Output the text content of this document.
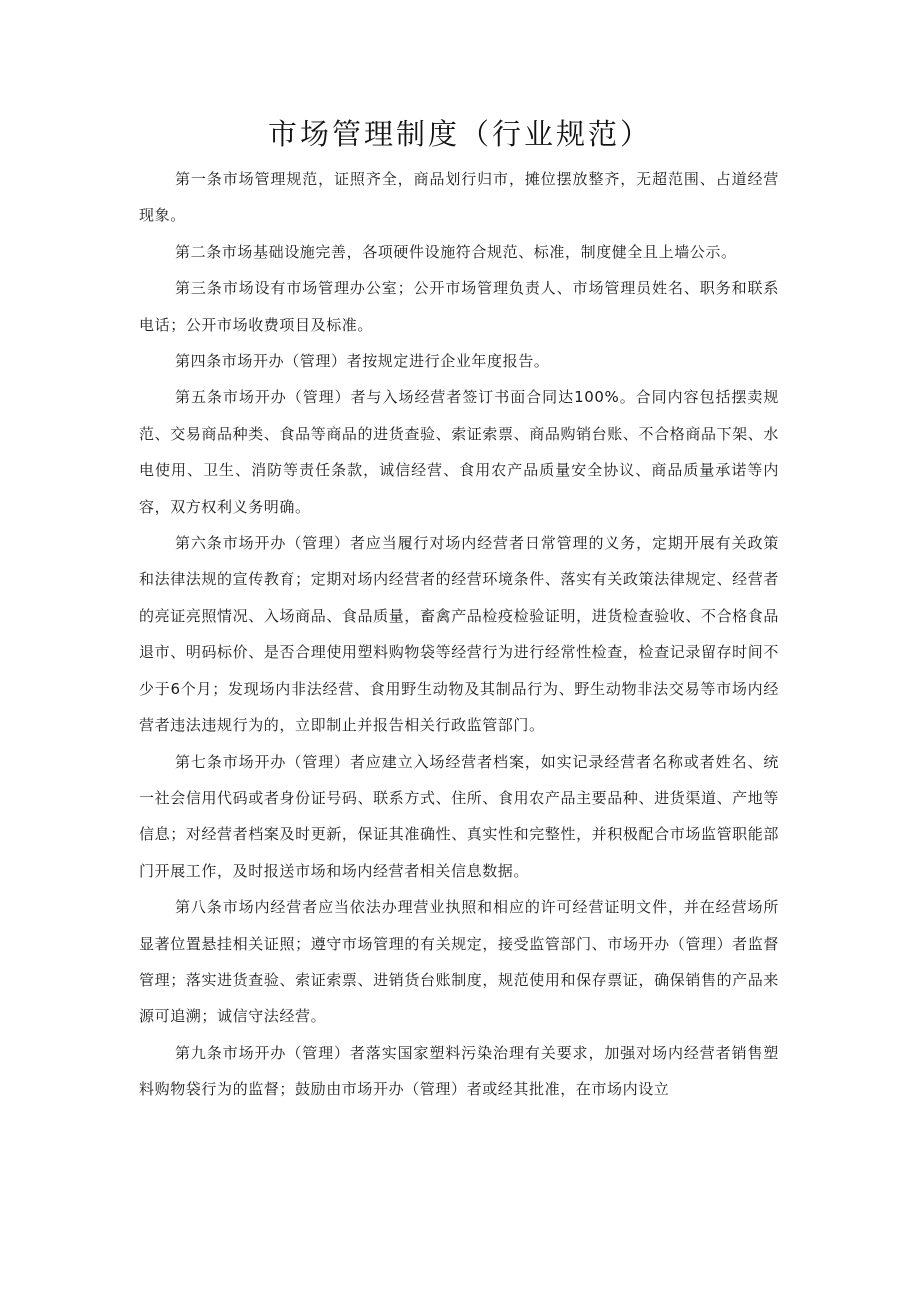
市场管理制度（行业规范）

第一条市场管理规范，证照齐全，商品划行归市，摊位摆放整齐，无超范围、占道经营现象。

第二条市场基础设施完善，各项硬件设施符合规范、标准，制度健全且上墙公示。

第三条市场设有市场管理办公室；公开市场管理负责人、市场管理员姓名、职务和联系电话；公开市场收费项目及标准。

第四条市场开办（管理）者按规定进行企业年度报告。

第五条市场开办（管理）者与入场经营者签订书面合同达100%。合同内容包括摆卖规范、交易商品种类、食品等商品的进货查验、索证索票、商品购销台账、不合格商品下架、水电使用、卫生、消防等责任条款，诚信经营、食用农产品质量安全协议、商品质量承诺等内容，双方权利义务明确。

第六条市场开办（管理）者应当履行对场内经营者日常管理的义务，定期开展有关政策和法律法规的宣传教育；定期对场内经营者的经营环境条件、落实有关政策法律规定、经营者的亮证亮照情况、入场商品、食品质量，畜禽产品检疫检验证明，进货检查验收、不合格食品退市、明码标价、是否合理使用塑料购物袋等经营行为进行经常性检查，检查记录留存时间不少于6个月；发现场内非法经营、食用野生动物及其制品行为、野生动物非法交易等市场内经营者违法违规行为的，立即制止并报告相关行政监管部门。

第七条市场开办（管理）者应建立入场经营者档案，如实记录经营者名称或者姓名、统一社会信用代码或者身份证号码、联系方式、住所、食用农产品主要品种、进货渠道、产地等信息；对经营者档案及时更新，保证其准确性、真实性和完整性，并积极配合市场监管职能部门开展工作，及时报送市场和场内经营者相关信息数据。

第八条市场内经营者应当依法办理营业执照和相应的许可经营证明文件，并在经营场所显著位置悬挂相关证照；遵守市场管理的有关规定，接受监管部门、市场开办（管理）者监督管理；落实进货查验、索证索票、进销货台账制度，规范使用和保存票证，确保销售的产品来源可追溯；诚信守法经营。

第九条市场开办（管理）者落实国家塑料污染治理有关要求，加强对场内经营者销售塑料购物袋行为的监督；鼓励由市场开办（管理）者或经其批准，在市场内设立
